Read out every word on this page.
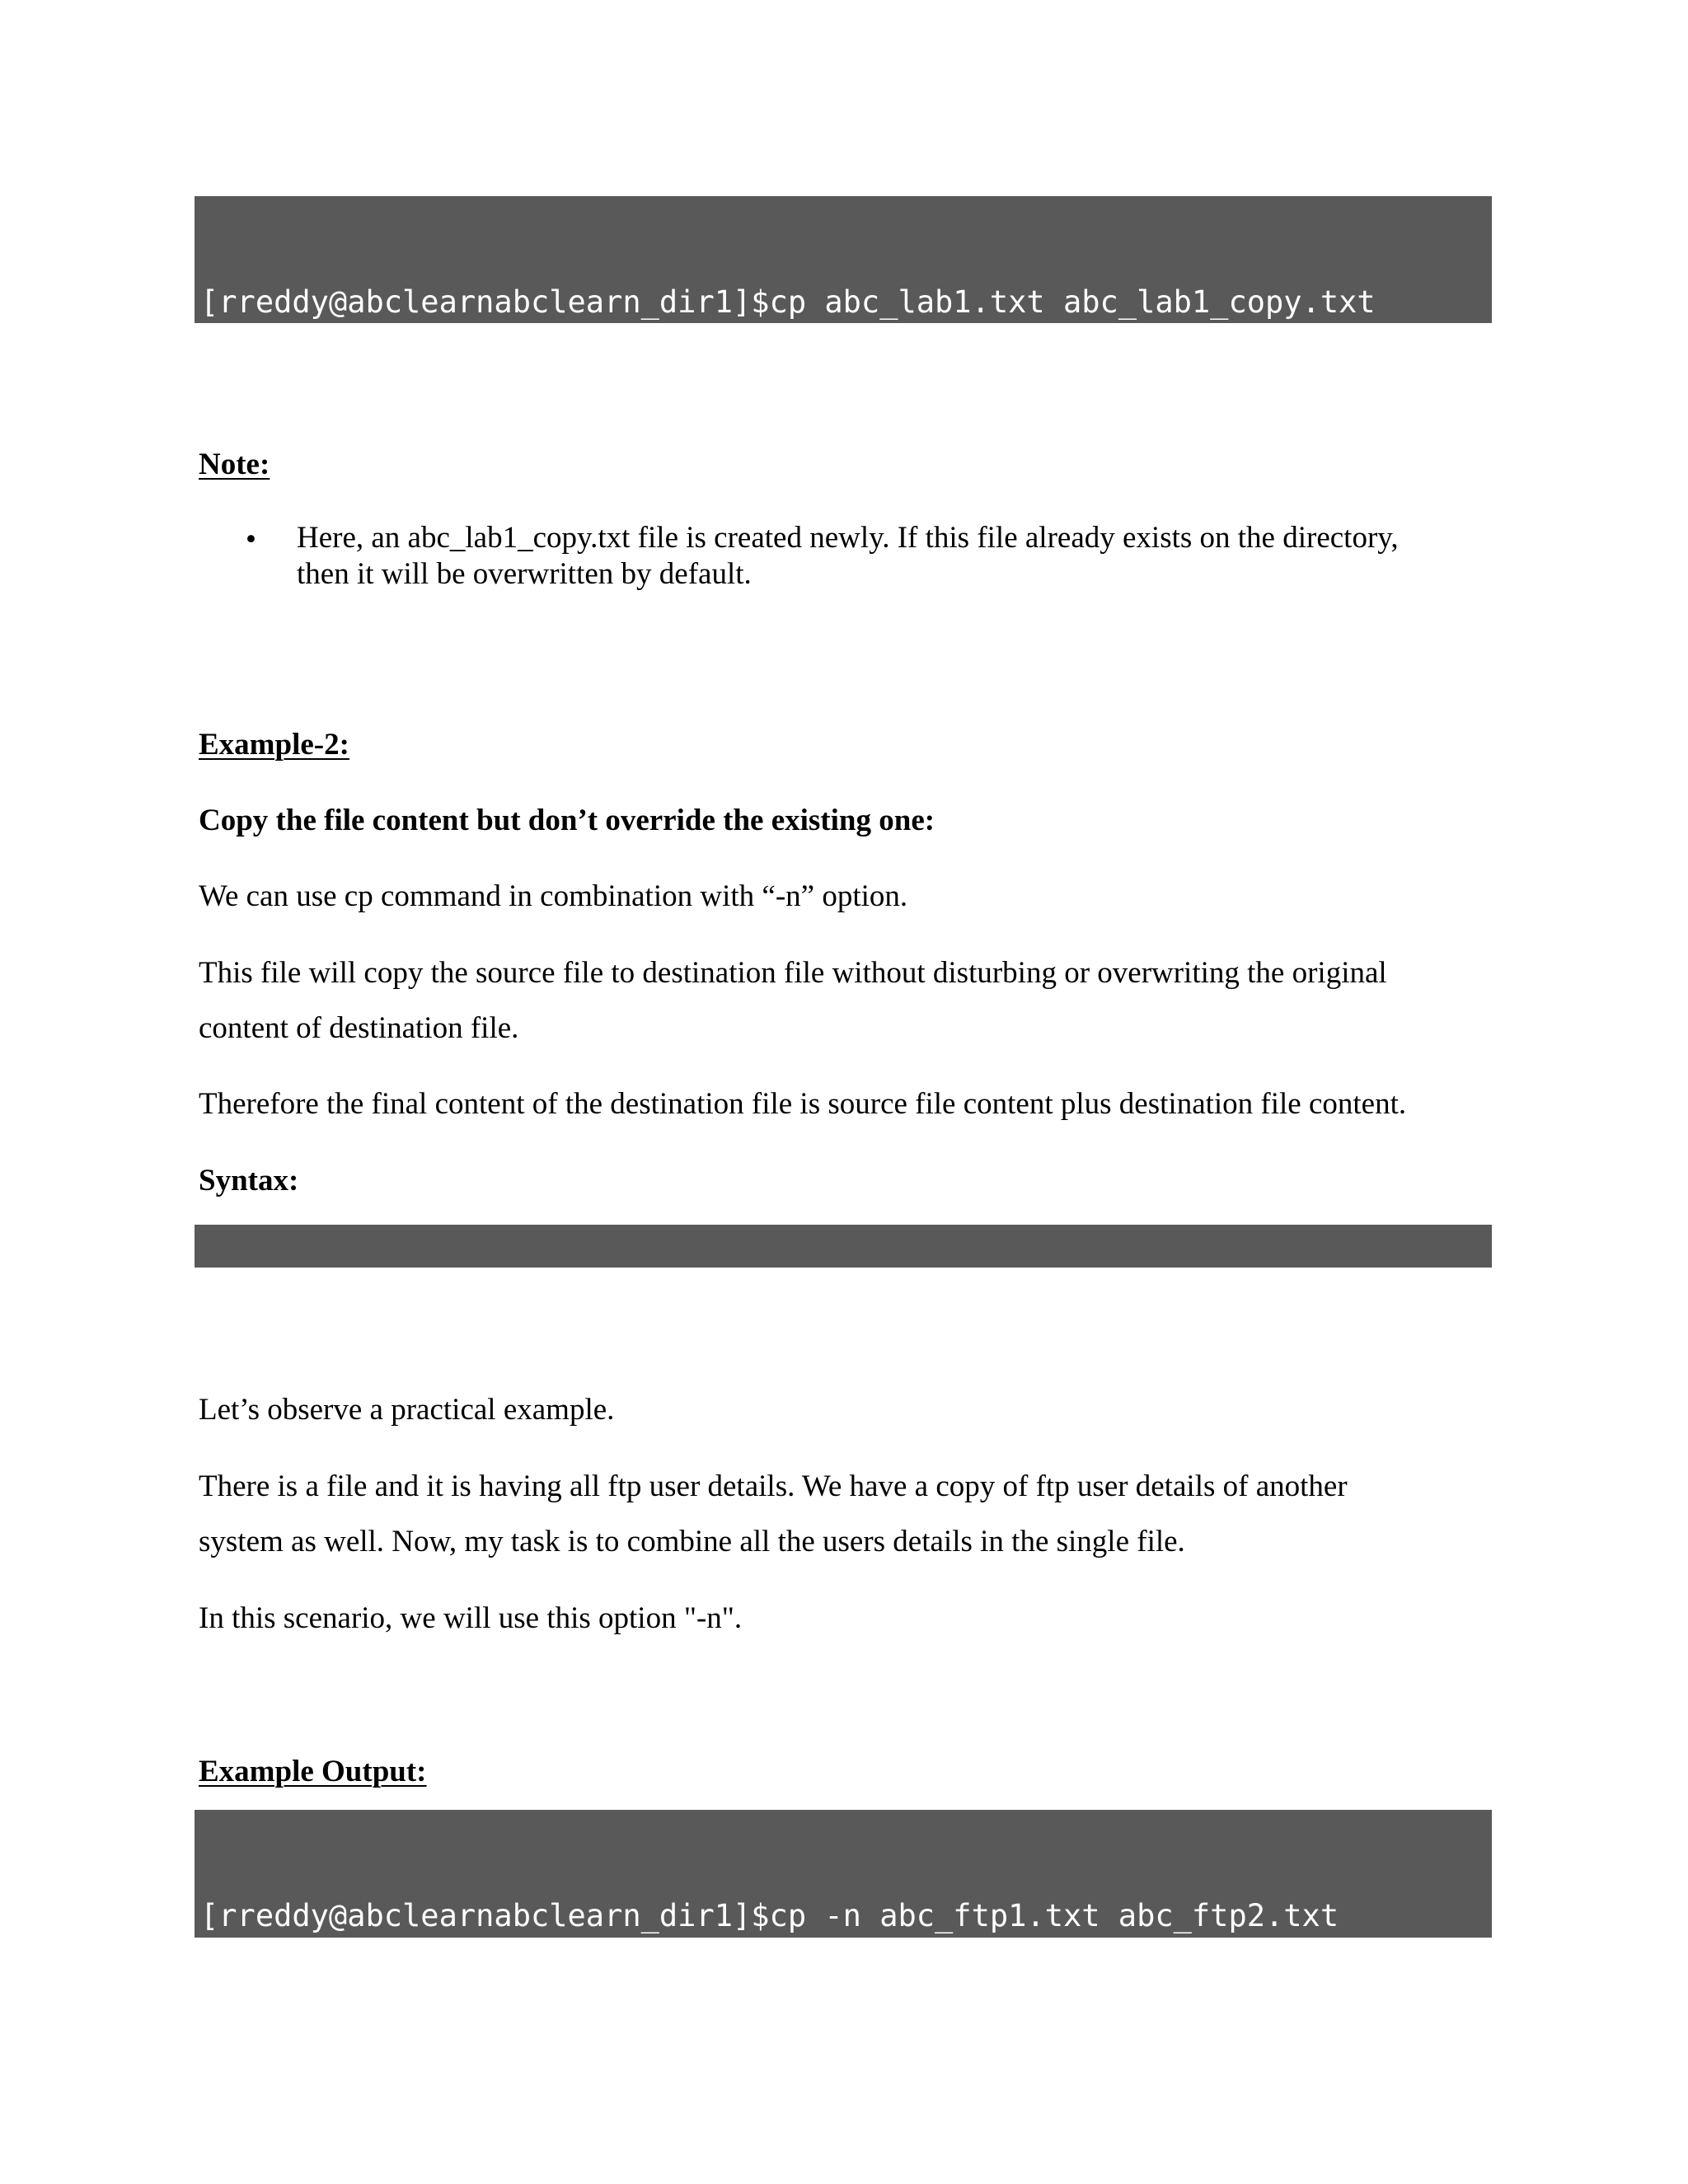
[rreddy@abclearnabclearn_dir1]$cp abc_lab1.txt abc_lab1_copy.txt

Note:
• Here, an abc_lab1_copy.txt file is created newly. If this file already exists on the directory,
then it will be overwritten by default.
Example-2:
Copy the file content but don’t override the existing one:
We can use cp command in combination with “-n” option.
This file will copy the source file to destination file without disturbing or overwriting the original
content of destination file.
Therefore the final content of the destination file is source file content plus destination file content.
Syntax:

Let’s observe a practical example.
There is a file and it is having all ftp user details. We have a copy of ftp user details of another
system as well. Now, my task is to combine all the users details in the single file.
In this scenario, we will use this option "-n".
Example Output:

[rreddy@abclearnabclearn_dir1]$cp -n abc_ftp1.txt abc_ftp2.txt
